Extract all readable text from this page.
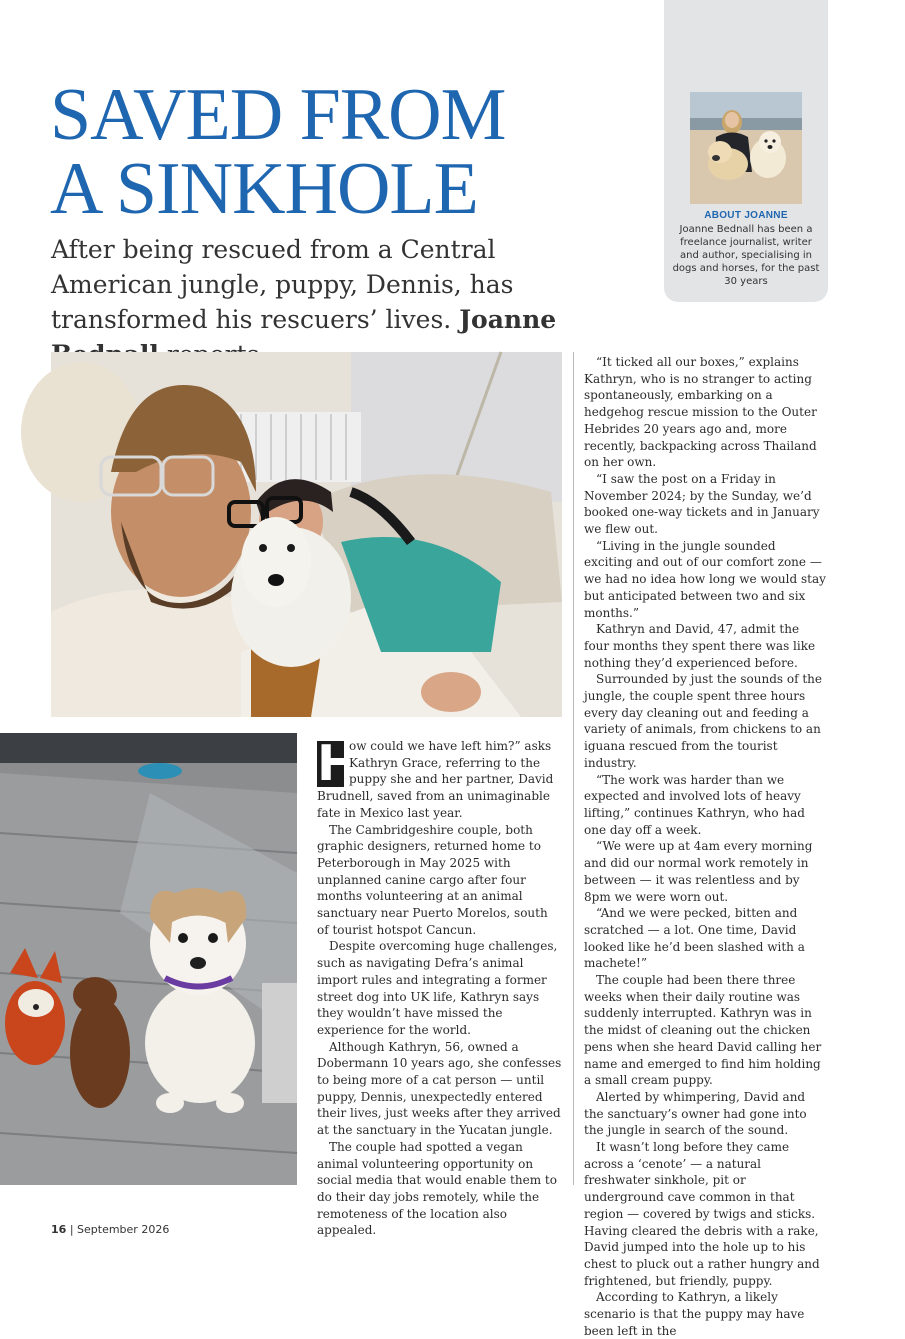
SAVED FROM
A SINKHOLE

After being rescued from a Central American jungle, puppy, Dennis, has transformed his rescuers’ lives. Joanne

ABOUT JOANNE

Joanne Bednall has been a freelance journalist, writer and author, specialising in dogs and horses, for the past 30 years

H
ow could we have left him?” asks Kathryn Grace, referring to the puppy she and her partner, David Brudnell, saved from an unimaginable fate in Mexico last year.

The Cambridgeshire couple, both graphic designers, returned home to Peterborough in May 2025 with unplanned canine cargo after four months volunteering at an animal sanctuary near Puerto Morelos, south of tourist hotspot Cancun.

Despite overcoming huge challenges, such as navigating Defra’s animal import rules and integrating a former street dog into UK life, Kathryn says they wouldn’t have missed the experience for the world.

Although Kathryn, 56, owned a Dobermann 10 years ago, she confesses to being more of a cat person — until puppy, Dennis, unexpectedly entered their lives, just weeks after they arrived at the sanctuary in the Yucatan jungle.

The couple had spotted a vegan animal volunteering opportunity on social media that would enable them to do their day jobs remotely, while the remoteness of the location also appealed.

“It ticked all our boxes,” explains Kathryn, who is no stranger to acting spontaneously, embarking on a hedgehog rescue mission to the Outer Hebrides 20 years ago and, more recently, backpacking across Thailand on her own.

“I saw the post on a Friday in November 2024; by the Sunday, we’d booked one-way tickets and in January we flew out.

“Living in the jungle sounded exciting and out of our comfort zone — we had no idea how long we would stay but anticipated between two and six months.”

Kathryn and David, 47, admit the four months they spent there was like nothing they’d experienced before.

Surrounded by just the sounds of the jungle, the couple spent three hours every day cleaning out and feeding a variety of animals, from chickens to an iguana rescued from the tourist industry.

“The work was harder than we expected and involved lots of heavy lifting,” continues Kathryn, who had one day off a week.

“We were up at 4am every morning and did our normal work remotely in between — it was relentless and by 8pm we were worn out.

“And we were pecked, bitten and scratched — a lot. One time, David looked like he’d been slashed with a machete!”

The couple had been there three weeks when their daily routine was suddenly interrupted. Kathryn was in the midst of cleaning out the chicken pens when she heard David calling her name and emerged to find him holding a small cream puppy.

Alerted by whimpering, David and the sanctuary’s owner had gone into the jungle in search of the sound.

It wasn’t long before they came across a ‘cenote’ — a natural freshwater sinkhole, pit or underground cave common in that region — covered by twigs and sticks. Having cleared the debris with a rake, David jumped into the hole up to his chest to pluck out a rather hungry and frightened, but friendly, puppy.

According to Kathryn, a likely scenario is that the puppy may have been left in the

16 | September 2026
